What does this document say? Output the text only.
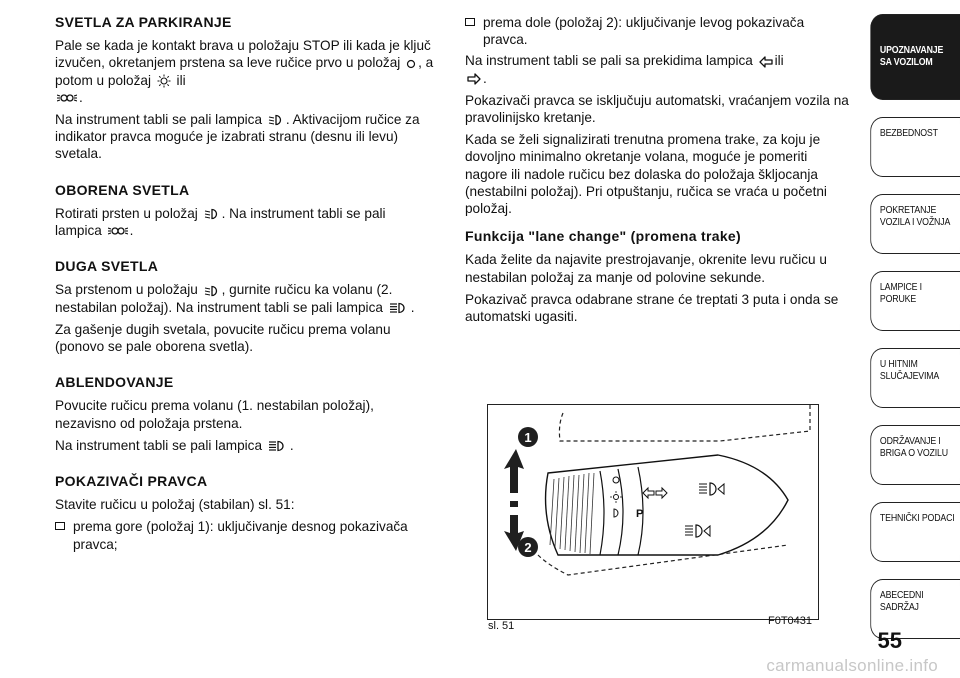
SVETLA ZA PARKIRANJE

Pale se kada je kontakt brava u položaju STOP ili kada je ključ izvučen, okretanjem prstena sa leve ručice prvo u položaj , a potom u položaj ili

.

Na instrument tabli se pali lampica . Aktivacijom ručice za indikator pravca moguće je izabrati stranu (desnu ili levu) svetala.

OBORENA SVETLA

Rotirati prsten u položaj . Na instrument tabli se pali lampica .

DUGA SVETLA

Sa prstenom u položaju , gurnite ručicu ka volanu (2. nestabilan položaj). Na instrument tabli se pali lampica .

Za gašenje dugih svetala, povucite ručicu prema volanu (ponovo se pale oborena svetla).

ABLENDOVANJE

Povucite ručicu prema volanu (1. nestabilan položaj), nezavisno od položaja prstena.

Na instrument tabli se pali lampica .

POKAZIVAČI PRAVCA

Stavite ručicu u položaj (stabilan) sl. 51:

prema gore (položaj 1): uključivanje desnog pokazivača pravca;
prema dole (položaj 2): uključivanje levog pokazivača pravca.

Na instrument tabli se pali sa prekidima lampica ili

.

Pokazivači pravca se isključuju automatski, vraćanjem vozila na pravolinijsko kretanje.

Kada se želi signalizirati trenutna promena trake, za koju je dovoljno minimalno okretanje volana, moguće je pomeriti nagore ili nadole ručicu bez dolaska do položaja škljocanja (nestabilni položaj). Pri otpuštanju, ručica se vraća u početni položaj.

Funkcija "lane change" (promena trake)

Kada želite da najavite prestrojavanje, okrenite levu ručicu u nestabilan položaj za manje od polovine sekunde.

Pokazivač pravca odabrane strane će treptati 3 puta i onda se automatski ugasiti.

P
1
2
sl. 51	F0T0431
UPOZNAVANJE SA VOZILOM
BEZBEDNOST
POKRETANJE VOZILA I VOŽNJA
LAMPICE I PORUKE
U HITNIM SLUČAJEVIMA
ODRŽAVANJE I BRIGA O VOZILU
TEHNIČKI PODACI
ABECEDNI SADRŽAJ
55
carmanualsonline.info
